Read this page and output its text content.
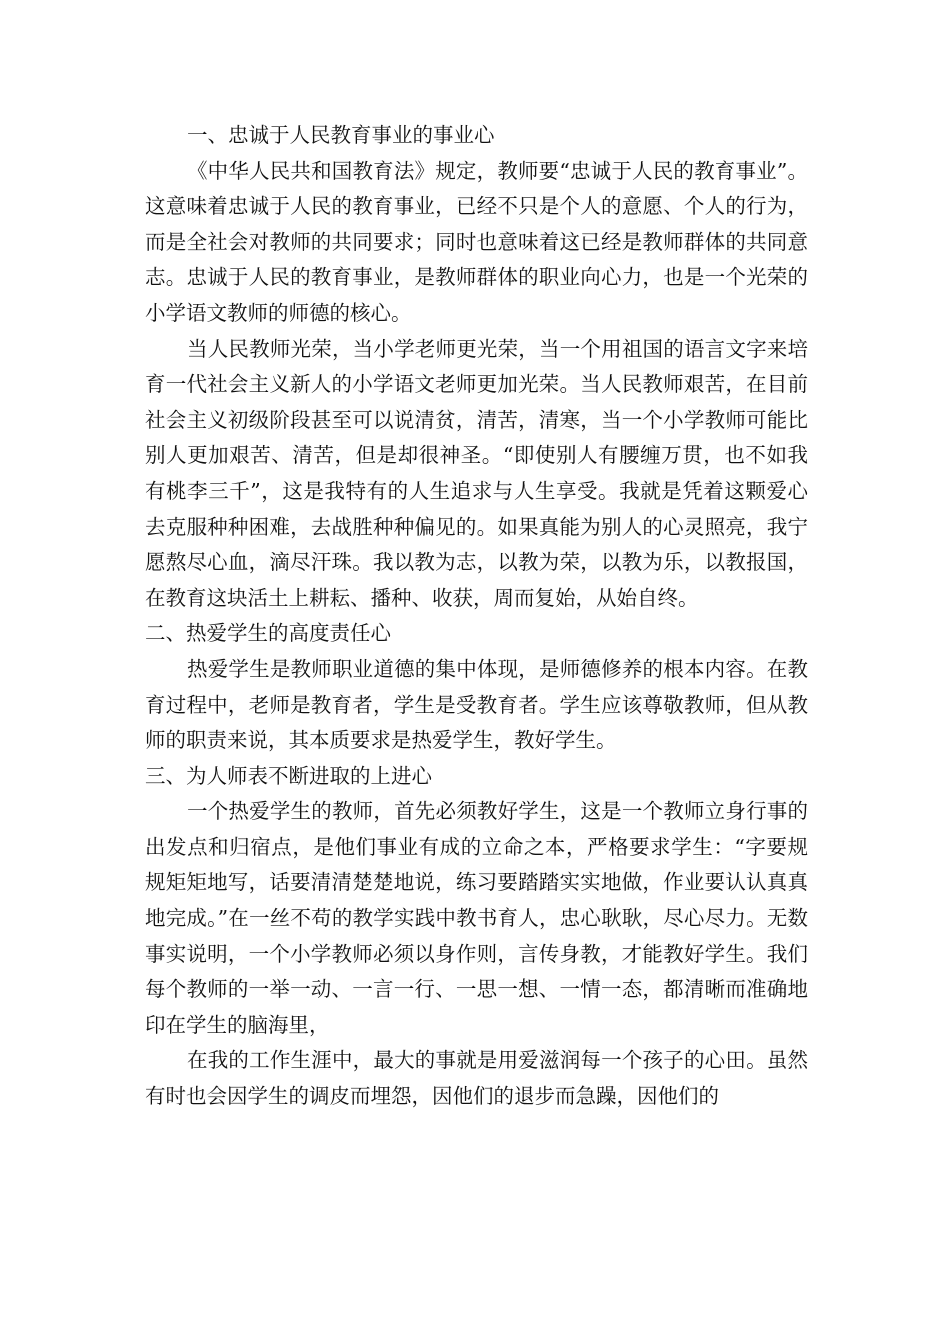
一、忠诚于人民教育事业的事业心

《中华人民共和国教育法》规定，教师要“忠诚于人民的教育事业”。这意味着忠诚于人民的教育事业，已经不只是个人的意愿、个人的行为，而是全社会对教师的共同要求；同时也意味着这已经是教师群体的共同意志。忠诚于人民的教育事业，是教师群体的职业向心力，也是一个光荣的小学语文教师的师德的核心。

当人民教师光荣，当小学老师更光荣，当一个用祖国的语言文字来培育一代社会主义新人的小学语文老师更加光荣。当人民教师艰苦，在目前社会主义初级阶段甚至可以说清贫，清苦，清寒，当一个小学教师可能比别人更加艰苦、清苦，但是却很神圣。“即使别人有腰缠万贯，也不如我有桃李三千”，这是我特有的人生追求与人生享受。我就是凭着这颗爱心去克服种种困难，去战胜种种偏见的。如果真能为别人的心灵照亮，我宁愿熬尽心血，滴尽汗珠。我以教为志，以教为荣，以教为乐，以教报国，在教育这块活土上耕耘、播种、收获，周而复始，从始自终。

二、热爱学生的高度责任心

热爱学生是教师职业道德的集中体现，是师德修养的根本内容。在教育过程中，老师是教育者，学生是受教育者。学生应该尊敬教师，但从教师的职责来说，其本质要求是热爱学生，教好学生。

三、为人师表不断进取的上进心

一个热爱学生的教师，首先必须教好学生，这是一个教师立身行事的出发点和归宿点，是他们事业有成的立命之本，严格要求学生：“字要规规矩矩地写，话要清清楚楚地说，练习要踏踏实实地做，作业要认认真真地完成。”在一丝不苟的教学实践中教书育人，忠心耿耿，尽心尽力。无数事实说明，一个小学教师必须以身作则，言传身教，才能教好学生。我们每个教师的一举一动、一言一行、一思一想、一情一态，都清晰而准确地印在学生的脑海里，

在我的工作生涯中，最大的事就是用爱滋润每一个孩子的心田。虽然有时也会因学生的调皮而埋怨，因他们的退步而急躁，因他们的
